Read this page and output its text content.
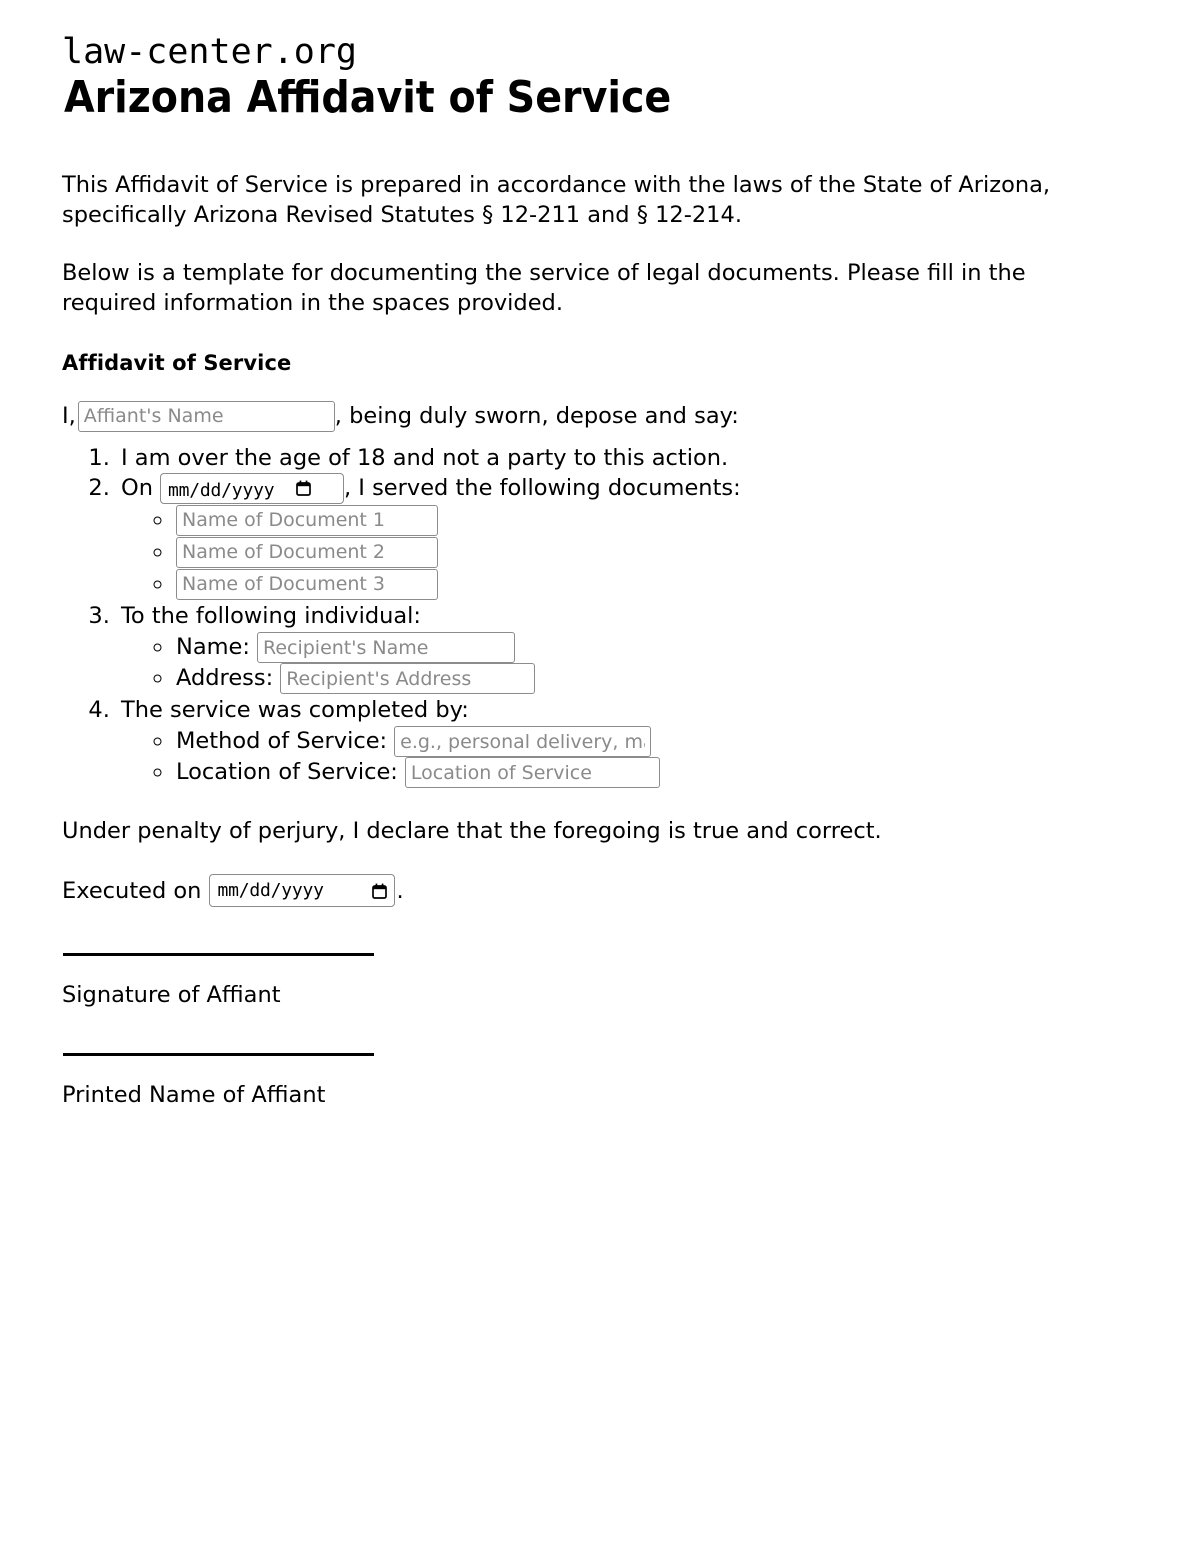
law-center.org
Arizona Affidavit of Service

This Affidavit of Service is prepared in accordance with the laws of the State of Arizona, specifically Arizona Revised Statutes § 12-211 and § 12-214.

Below is a template for documenting the service of legal documents. Please fill in the required information in the spaces provided.

Affidavit of Service
I,
Affiant's Name	, being duly sworn, depose and say:
1. I am over the age of 18 and not a party to this action.
2. On mm/dd/yyyy	, I served the following documents:
◦ Name of Document 1
◦ Name of Document 2
◦ Name of Document 3
3. To the following individual:
◦ Name:
Recipient's Name
◦ Address:
Recipient's Address
4. The service was completed by:
◦ Method of Service:
e.g., personal delivery, mail
◦ Location of Service:
Location of Service

Under penalty of perjury, I declare that the foregoing is true and correct.

Executed on mm/dd/yyyy	.
Signature of Affiant
Printed Name of Affiant
